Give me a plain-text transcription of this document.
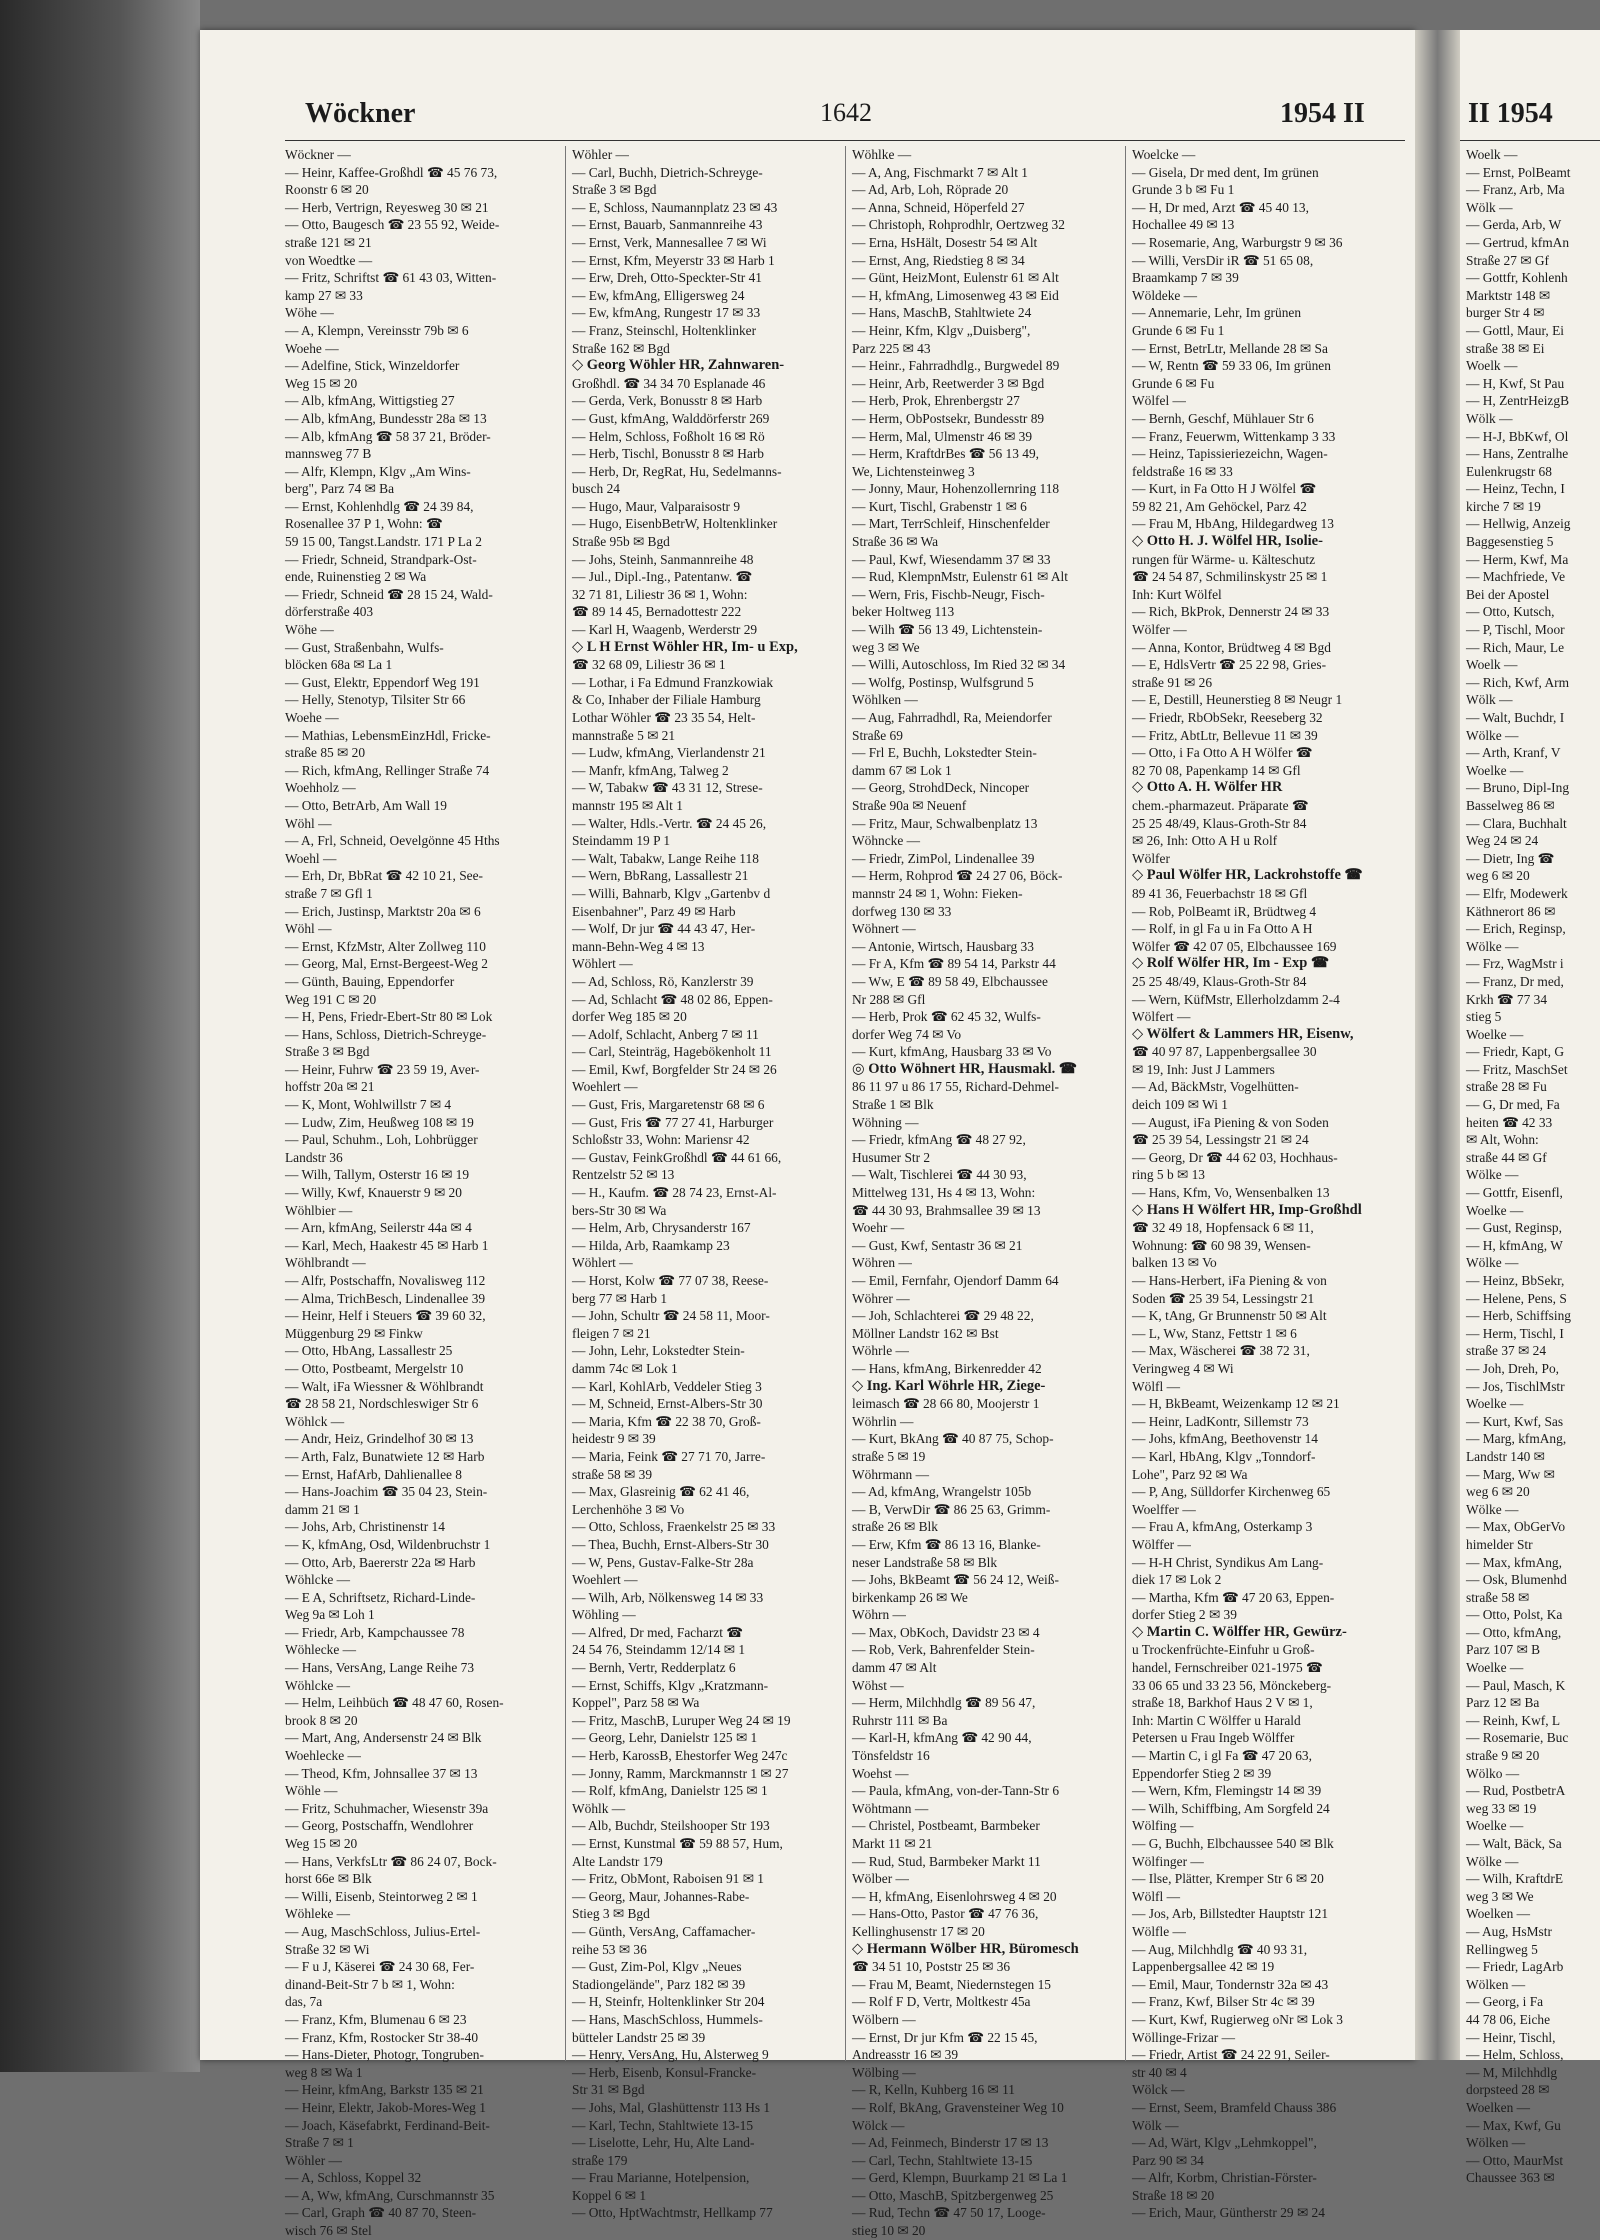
Wöckner	1642	1954 II
Wöckner —
— Heinr, Kaffee-Großhdl ☎ 45 76 73,
Roonstr 6 ✉ 20
— Herb, Vertrign, Reyesweg 30 ✉ 21
— Otto, Baugesch ☎ 23 55 92, Weide-
straße 121 ✉ 21
von Woedtke —
— Fritz, Schriftst ☎ 61 43 03, Witten-
kamp 27 ✉ 33
Wöhe —
— A, Klempn, Vereinsstr 79b ✉ 6
Woehe —
— Adelfine, Stick, Winzeldorfer
Weg 15 ✉ 20
— Alb, kfmAng, Wittigstieg 27
— Alb, kfmAng, Bundesstr 28a ✉ 13
— Alb, kfmAng ☎ 58 37 21, Bröder-
mannsweg 77 B
— Alfr, Klempn, Klgv „Am Wins-
berg", Parz 74 ✉ Ba
— Ernst, Kohlenhdlg ☎ 24 39 84,
Rosenallee 37 P 1, Wohn: ☎
59 15 00, Tangst.Landstr. 171 P La 2
— Friedr, Schneid, Strandpark-Ost-
ende, Ruinenstieg 2 ✉ Wa
— Friedr, Schneid ☎ 28 15 24, Wald-
dörferstraße 403
Wöhe —
— Gust, Straßenbahn, Wulfs-
blöcken 68a ✉ La 1
— Gust, Elektr, Eppendorf Weg 191
— Helly, Stenotyp, Tilsiter Str 66
Woehe —
— Mathias, LebensmEinzHdl, Fricke-
straße 85 ✉ 20
— Rich, kfmAng, Rellinger Straße 74
Woehholz —
— Otto, BetrArb, Am Wall 19
Wöhl —
— A, Frl, Schneid, Oevelgönne 45 Hths
Woehl —
— Erh, Dr, BbRat ☎ 42 10 21, See-
straße 7 ✉ Gfl 1
— Erich, Justinsp, Marktstr 20a ✉ 6
Wöhl —
— Ernst, KfzMstr, Alter Zollweg 110
— Georg, Mal, Ernst-Bergeest-Weg 2
— Günth, Bauing, Eppendorfer
Weg 191 C ✉ 20
— H, Pens, Friedr-Ebert-Str 80 ✉ Lok
— Hans, Schloss, Dietrich-Schreyge-
Straße 3 ✉ Bgd
— Heinr, Fuhrw ☎ 23 59 19, Aver-
hoffstr 20a ✉ 21
— K, Mont, Wohlwillstr 7 ✉ 4
— Ludw, Zim, Heußweg 108 ✉ 19
— Paul, Schuhm., Loh, Lohbrügger
Landstr 36
— Wilh, Tallym, Osterstr 16 ✉ 19
— Willy, Kwf, Knauerstr 9 ✉ 20
Wöhlbier —
— Arn, kfmAng, Seilerstr 44a ✉ 4
— Karl, Mech, Haakestr 45 ✉ Harb 1
Wöhlbrandt —
— Alfr, Postschaffn, Novalisweg 112
— Alma, TrichBesch, Lindenallee 39
— Heinr, Helf i Steuers ☎ 39 60 32,
Müggenburg 29 ✉ Finkw
— Otto, HbAng, Lassallestr 25
— Otto, Postbeamt, Mergelstr 10
— Walt, iFa Wiessner & Wöhlbrandt
☎ 28 58 21, Nordschleswiger Str 6
Wöhlck —
— Andr, Heiz, Grindelhof 30 ✉ 13
— Arth, Falz, Bunatwiete 12 ✉ Harb
— Ernst, HafArb, Dahlienallee 8
— Hans-Joachim ☎ 35 04 23, Stein-
damm 21 ✉ 1
— Johs, Arb, Christinenstr 14
— K, kfmAng, Osd, Wildenbruchstr 1
— Otto, Arb, Baererstr 22a ✉ Harb
Wöhlcke —
— E A, Schriftsetz, Richard-Linde-
Weg 9a ✉ Loh 1
— Friedr, Arb, Kampchaussee 78
Wöhlecke —
— Hans, VersAng, Lange Reihe 73
Wöhlcke —
— Helm, Leihbüch ☎ 48 47 60, Rosen-
brook 8 ✉ 20
— Mart, Ang, Andersenstr 24 ✉ Blk
Woehlecke —
— Theod, Kfm, Johnsallee 37 ✉ 13
Wöhle —
— Fritz, Schuhmacher, Wiesenstr 39a
— Georg, Postschaffn, Wendlohrer
Weg 15 ✉ 20
— Hans, VerkfsLtr ☎ 86 24 07, Bock-
horst 66e ✉ Blk
— Willi, Eisenb, Steintorweg 2 ✉ 1
Wöhleke —
— Aug, MaschSchloss, Julius-Ertel-
Straße 32 ✉ Wi
— F u J, Käserei ☎ 24 30 68, Fer-
dinand-Beit-Str 7 b ✉ 1, Wohn:
das, 7a
— Franz, Kfm, Blumenau 6 ✉ 23
— Franz, Kfm, Rostocker Str 38-40
— Hans-Dieter, Photogr, Tongruben-
weg 8 ✉ Wa 1
— Heinr, kfmAng, Barkstr 135 ✉ 21
— Heinr, Elektr, Jakob-Mores-Weg 1
— Joach, Käsefabrkt, Ferdinand-Beit-
Straße 7 ✉ 1
Wöhler —
— A, Schloss, Koppel 32
— A, Ww, kfmAng, Curschmannstr 35
— Carl, Graph ☎ 40 87 70, Steen-
wisch 76 ✉ Stel
Wöhler —
— Carl, Buchh, Dietrich-Schreyge-
Straße 3 ✉ Bgd
— E, Schloss, Naumannplatz 23 ✉ 43
— Ernst, Bauarb, Sanmannreihe 43
— Ernst, Verk, Mannesallee 7 ✉ Wi
— Ernst, Kfm, Meyerstr 33 ✉ Harb 1
— Erw, Dreh, Otto-Speckter-Str 41
— Ew, kfmAng, Elligersweg 24
— Ew, kfmAng, Rungestr 17 ✉ 33
— Franz, Steinschl, Holtenklinker
Straße 162 ✉ Bgd
◇ Georg Wöhler HR, Zahnwaren-
Großhdl. ☎ 34 34 70 Esplanade 46
— Gerda, Verk, Bonusstr 8 ✉ Harb
— Gust, kfmAng, Walddörferstr 269
— Helm, Schloss, Foßholt 16 ✉ Rö
— Herb, Tischl, Bonusstr 8 ✉ Harb
— Herb, Dr, RegRat, Hu, Sedelmanns-
busch 24
— Hugo, Maur, Valparaisostr 9
— Hugo, EisenbBetrW, Holtenklinker
Straße 95b ✉ Bgd
— Johs, Steinh, Sanmannreihe 48
— Jul., Dipl.-Ing., Patentanw. ☎
32 71 81, Liliestr 36 ✉ 1, Wohn:
☎ 89 14 45, Bernadottestr 222
— Karl H, Waagenb, Werderstr 29
◇ L H Ernst Wöhler HR, Im- u Exp,
☎ 32 68 09, Liliestr 36 ✉ 1
— Lothar, i Fa Edmund Franzkowiak
& Co, Inhaber der Filiale Hamburg
Lothar Wöhler ☎ 23 35 54, Helt-
mannstraße 5 ✉ 21
— Ludw, kfmAng, Vierlandenstr 21
— Manfr, kfmAng, Talweg 2
— W, Tabakw ☎ 43 31 12, Strese-
mannstr 195 ✉ Alt 1
— Walter, Hdls.-Vertr. ☎ 24 45 26,
Steindamm 19 P 1
— Walt, Tabakw, Lange Reihe 118
— Wern, BbRang, Lassallestr 21
— Willi, Bahnarb, Klgv „Gartenbv d
Eisenbahner", Parz 49 ✉ Harb
— Wolf, Dr jur ☎ 44 43 47, Her-
mann-Behn-Weg 4 ✉ 13
Wöhlert —
— Ad, Schloss, Rö, Kanzlerstr 39
— Ad, Schlacht ☎ 48 02 86, Eppen-
dorfer Weg 185 ✉ 20
— Adolf, Schlacht, Anberg 7 ✉ 11
— Carl, Steinträg, Hagebökenholt 11
— Emil, Kwf, Borgfelder Str 24 ✉ 26
Woehlert —
— Gust, Fris, Margaretenstr 68 ✉ 6
— Gust, Fris ☎ 77 27 41, Harburger
Schloßstr 33, Wohn: Mariensr 42
— Gustav, FeinkGroßhdl ☎ 44 61 66,
Rentzelstr 52 ✉ 13
— H., Kaufm. ☎ 28 74 23, Ernst-Al-
bers-Str 30 ✉ Wa
— Helm, Arb, Chrysanderstr 167
— Hilda, Arb, Raamkamp 23
Wöhlert —
— Horst, Kolw ☎ 77 07 38, Reese-
berg 77 ✉ Harb 1
— John, Schultr ☎ 24 58 11, Moor-
fleigen 7 ✉ 21
— John, Lehr, Lokstedter Stein-
damm 74c ✉ Lok 1
— Karl, KohlArb, Veddeler Stieg 3
— M, Schneid, Ernst-Albers-Str 30
— Maria, Kfm ☎ 22 38 70, Groß-
heidestr 9 ✉ 39
— Maria, Feink ☎ 27 71 70, Jarre-
straße 58 ✉ 39
— Max, Glasreinig ☎ 62 41 46,
Lerchenhöhe 3 ✉ Vo
— Otto, Schloss, Fraenkelstr 25 ✉ 33
— Thea, Buchh, Ernst-Albers-Str 30
— W, Pens, Gustav-Falke-Str 28a
Woehlert —
— Wilh, Arb, Nölkensweg 14 ✉ 33
Wöhling —
— Alfred, Dr med, Facharzt ☎
24 54 76, Steindamm 12/14 ✉ 1
— Bernh, Vertr, Redderplatz 6
— Ernst, Schiffs, Klgv „Kratzmann-
Koppel", Parz 58 ✉ Wa
— Fritz, MaschB, Luruper Weg 24 ✉ 19
— Georg, Lehr, Danielstr 125 ✉ 1
— Herb, KarossB, Ehestorfer Weg 247c
— Jonny, Ramm, Marckmannstr 1 ✉ 27
— Rolf, kfmAng, Danielstr 125 ✉ 1
Wöhlk —
— Alb, Buchdr, Steilshooper Str 193
— Ernst, Kunstmal ☎ 59 88 57, Hum,
Alte Landstr 179
— Fritz, ObMont, Raboisen 91 ✉ 1
— Georg, Maur, Johannes-Rabe-
Stieg 3 ✉ Bgd
— Günth, VersAng, Caffamacher-
reihe 53 ✉ 36
— Gust, Zim-Pol, Klgv „Neues
Stadiongelände", Parz 182 ✉ 39
— H, Steinfr, Holtenklinker Str 204
— Hans, MaschSchloss, Hummels-
bütteler Landstr 25 ✉ 39
— Henry, VersAng, Hu, Alsterweg 9
— Herb, Eisenb, Konsul-Francke-
Str 31 ✉ Bgd
— Johs, Mal, Glashüttenstr 113 Hs 1
— Karl, Techn, Stahltwiete 13-15
— Liselotte, Lehr, Hu, Alte Land-
straße 179
— Frau Marianne, Hotelpension,
Koppel 6 ✉ 1
— Otto, HptWachtmstr, Hellkamp 77
Wöhlke —
— A, Ang, Fischmarkt 7 ✉ Alt 1
— Ad, Arb, Loh, Röprade 20
— Anna, Schneid, Höperfeld 27
— Christoph, Rohprodhlr, Oertzweg 32
— Erna, HsHält, Dosestr 54 ✉ Alt
— Ernst, Ang, Riedstieg 8 ✉ 34
— Günt, HeizMont, Eulenstr 61 ✉ Alt
— H, kfmAng, Limosenweg 43 ✉ Eid
— Hans, MaschB, Stahltwiete 24
— Heinr, Kfm, Klgv „Duisberg",
Parz 225 ✉ 43
— Heinr., Fahrradhdlg., Burgwedel 89
— Heinr, Arb, Reetwerder 3 ✉ Bgd
— Herb, Prok, Ehrenbergstr 27
— Herm, ObPostsekr, Bundesstr 89
— Herm, Mal, Ulmenstr 46 ✉ 39
— Herm, KraftdrBes ☎ 56 13 49,
We, Lichtensteinweg 3
— Jonny, Maur, Hohenzollernring 118
— Kurt, Tischl, Grabenstr 1 ✉ 6
— Mart, TerrSchleif, Hinschenfelder
Straße 36 ✉ Wa
— Paul, Kwf, Wiesendamm 37 ✉ 33
— Rud, KlempnMstr, Eulenstr 61 ✉ Alt
— Wern, Fris, Fischb-Neugr, Fisch-
beker Holtweg 113
— Wilh ☎ 56 13 49, Lichtenstein-
weg 3 ✉ We
— Willi, Autoschloss, Im Ried 32 ✉ 34
— Wolfg, Postinsp, Wulfsgrund 5
Wöhlken —
— Aug, Fahrradhdl, Ra, Meiendorfer
Straße 69
— Frl E, Buchh, Lokstedter Stein-
damm 67 ✉ Lok 1
— Georg, StrohdDeck, Nincoper
Straße 90a ✉ Neuenf
— Fritz, Maur, Schwalbenplatz 13
Wöhncke —
— Friedr, ZimPol, Lindenallee 39
— Herm, Rohprod ☎ 24 27 06, Böck-
mannstr 24 ✉ 1, Wohn: Fieken-
dorfweg 130 ✉ 33
Wöhnert —
— Antonie, Wirtsch, Hausbarg 33
— Fr A, Kfm ☎ 89 54 14, Parkstr 44
— Ww, E ☎ 89 58 49, Elbchaussee
Nr 288 ✉ Gfl
— Herb, Prok ☎ 62 45 32, Wulfs-
dorfer Weg 74 ✉ Vo
— Kurt, kfmAng, Hausbarg 33 ✉ Vo
◎ Otto Wöhnert HR, Hausmakl. ☎
86 11 97 u 86 17 55, Richard-Dehmel-
Straße 1 ✉ Blk
Wöhning —
— Friedr, kfmAng ☎ 48 27 92,
Husumer Str 2
— Walt, Tischlerei ☎ 44 30 93,
Mittelweg 131, Hs 4 ✉ 13, Wohn:
☎ 44 30 93, Brahmsallee 39 ✉ 13
Woehr —
— Gust, Kwf, Sentastr 36 ✉ 21
Wöhren —
— Emil, Fernfahr, Ojendorf Damm 64
Wöhrer —
— Joh, Schlachterei ☎ 29 48 22,
Möllner Landstr 162 ✉ Bst
Wöhrle —
— Hans, kfmAng, Birkenredder 42
◇ Ing. Karl Wöhrle HR, Ziege-
leimasch ☎ 28 66 80, Moojerstr 1
Wöhrlin —
— Kurt, BkAng ☎ 40 87 75, Schop-
straße 5 ✉ 19
Wöhrmann —
— Ad, kfmAng, Wrangelstr 105b
— B, VerwDir ☎ 86 25 63, Grimm-
straße 26 ✉ Blk
— Erw, Kfm ☎ 86 13 16, Blanke-
neser Landstraße 58 ✉ Blk
— Johs, BkBeamt ☎ 56 24 12, Weiß-
birkenkamp 26 ✉ We
Wöhrn —
— Max, ObKoch, Davidstr 23 ✉ 4
— Rob, Verk, Bahrenfelder Stein-
damm 47 ✉ Alt
Wöhst —
— Herm, Milchhdlg ☎ 89 56 47,
Ruhrstr 111 ✉ Ba
— Karl-H, kfmAng ☎ 42 90 44,
Tönsfeldstr 16
Woehst —
— Paula, kfmAng, von-der-Tann-Str 6
Wöhtmann —
— Christel, Postbeamt, Barmbeker
Markt 11 ✉ 21
— Rud, Stud, Barmbeker Markt 11
Wölber —
— H, kfmAng, Eisenlohrsweg 4 ✉ 20
— Hans-Otto, Pastor ☎ 47 76 36,
Kellinghusenstr 17 ✉ 20
◇ Hermann Wölber HR, Büromesch
☎ 34 51 10, Poststr 25 ✉ 36
— Frau M, Beamt, Niedernstegen 15
— Rolf F D, Vertr, Moltkestr 45a
Wölbern —
— Ernst, Dr jur Kfm ☎ 22 15 45,
Andreasstr 16 ✉ 39
Wölbing —
— R, Kelln, Kuhberg 16 ✉ 11
— Rolf, BkAng, Gravensteiner Weg 10
Wölck —
— Ad, Feinmech, Binderstr 17 ✉ 13
— Carl, Techn, Stahltwiete 13-15
— Gerd, Klempn, Buurkamp 21 ✉ La 1
— Otto, MaschB, Spitzbergenweg 25
— Rud, Techn ☎ 47 50 17, Looge-
stieg 10 ✉ 20
Woelcke —
— Gisela, Dr med dent, Im grünen
Grunde 3 b ✉ Fu 1
— H, Dr med, Arzt ☎ 45 40 13,
Hochallee 49 ✉ 13
— Rosemarie, Ang, Warburgstr 9 ✉ 36
— Willi, VersDir iR ☎ 51 65 08,
Braamkamp 7 ✉ 39
Wöldeke —
— Annemarie, Lehr, Im grünen
Grunde 6 ✉ Fu 1
— Ernst, BetrLtr, Mellande 28 ✉ Sa
— W, Rentn ☎ 59 33 06, Im grünen
Grunde 6 ✉ Fu
Wölfel —
— Bernh, Geschf, Mühlauer Str 6
— Franz, Feuerwm, Wittenkamp 3 33
— Heinz, Tapissieriezeichn, Wagen-
feldstraße 16 ✉ 33
— Kurt, in Fa Otto H J Wölfel ☎
59 82 21, Am Gehöckel, Parz 42
— Frau M, HbAng, Hildegardweg 13
◇ Otto H. J. Wölfel HR, Isolie-
rungen für Wärme- u. Kälteschutz
☎ 24 54 87, Schmilinskystr 25 ✉ 1
Inh: Kurt Wölfel
— Rich, BkProk, Dennerstr 24 ✉ 33
Wölfer —
— Anna, Kontor, Brüdtweg 4 ✉ Bgd
— E, HdlsVertr ☎ 25 22 98, Gries-
straße 91 ✉ 26
— E, Destill, Heunerstieg 8 ✉ Neugr 1
— Friedr, RbObSekr, Reeseberg 32
— Fritz, AbtLtr, Bellevue 11 ✉ 39
— Otto, i Fa Otto A H Wölfer ☎
82 70 08, Papenkamp 14 ✉ Gfl
◇ Otto A. H. Wölfer HR
chem.-pharmazeut. Präparate ☎
25 25 48/49, Klaus-Groth-Str 84
✉ 26, Inh: Otto A H u Rolf
Wölfer
◇ Paul Wölfer HR, Lackrohstoffe ☎
89 41 36, Feuerbachstr 18 ✉ Gfl
— Rob, PolBeamt iR, Brüdtweg 4
— Rolf, in gl Fa u in Fa Otto A H
Wölfer ☎ 42 07 05, Elbchaussee 169
◇ Rolf Wölfer HR, Im - Exp ☎
25 25 48/49, Klaus-Groth-Str 84
— Wern, KüfMstr, Ellerholzdamm 2-4
Wölfert —
◇ Wölfert & Lammers HR, Eisenw,
☎ 40 97 87, Lappenbergsallee 30
✉ 19, Inh: Just J Lammers
— Ad, BäckMstr, Vogelhütten-
deich 109 ✉ Wi 1
— August, iFa Piening & von Soden
☎ 25 39 54, Lessingstr 21 ✉ 24
— Georg, Dr ☎ 44 62 03, Hochhaus-
ring 5 b ✉ 13
— Hans, Kfm, Vo, Wensenbalken 13
◇ Hans H Wölfert HR, Imp-Großhdl
☎ 32 49 18, Hopfensack 6 ✉ 11,
Wohnung: ☎ 60 98 39, Wensen-
balken 13 ✉ Vo
— Hans-Herbert, iFa Piening & von
Soden ☎ 25 39 54, Lessingstr 21
— K, tAng, Gr Brunnenstr 50 ✉ Alt
— L, Ww, Stanz, Fettstr 1 ✉ 6
— Max, Wäscherei ☎ 38 72 31,
Veringweg 4 ✉ Wi
Wölfl —
— H, BkBeamt, Weizenkamp 12 ✉ 21
— Heinr, LadKontr, Sillemstr 73
— Johs, kfmAng, Beethovenstr 14
— Karl, HbAng, Klgv „Tonndorf-
Lohe", Parz 92 ✉ Wa
— P, Ang, Sülldorfer Kirchenweg 65
Woelffer —
— Frau A, kfmAng, Osterkamp 3
Wölffer —
— H-H Christ, Syndikus Am Lang-
diek 17 ✉ Lok 2
— Martha, Kfm ☎ 47 20 63, Eppen-
dorfer Stieg 2 ✉ 39
◇ Martin C. Wölffer HR, Gewürz-
u Trockenfrüchte-Einfuhr u Groß-
handel, Fernschreiber 021-1975 ☎
33 06 65 und 33 23 56, Mönckeberg-
straße 18, Barkhof Haus 2 V ✉ 1,
Inh: Martin C Wölffer u Harald
Petersen u Frau Ingeb Wölffer
— Martin C, i gl Fa ☎ 47 20 63,
Eppendorfer Stieg 2 ✉ 39
— Wern, Kfm, Flemingstr 14 ✉ 39
— Wilh, Schiffbing, Am Sorgfeld 24
Wölfing —
— G, Buchh, Elbchaussee 540 ✉ Blk
Wölfinger —
— Ilse, Plätter, Kremper Str 6 ✉ 20
Wölfl —
— Jos, Arb, Billstedter Hauptstr 121
Wölfle —
— Aug, Milchhdlg ☎ 40 93 31,
Lappenbergsallee 42 ✉ 19
— Emil, Maur, Tondernstr 32a ✉ 43
— Franz, Kwf, Bilser Str 4c ✉ 39
— Kurt, Kwf, Rugierweg oNr ✉ Lok 3
Wöllinge-Frizar —
— Friedr, Artist ☎ 24 22 91, Seiler-
str 40 ✉ 4
Wölck —
— Ernst, Seem, Bramfeld Chauss 386
Wölk —
— Ad, Wärt, Klgv „Lehmkoppel",
Parz 90 ✉ 34
— Alfr, Korbm, Christian-Förster-
Straße 18 ✉ 20
— Erich, Maur, Güntherstr 29 ✉ 24
II 1954
Woelk —
— Ernst, PolBeamt
— Franz, Arb, Ma
Wölk —
— Gerda, Arb, W
— Gertrud, kfmAn
Straße 27 ✉ Gf
— Gottfr, Kohlenh
Marktstr 148 ✉
burger Str 4 ✉
— Gottl, Maur, Ei
straße 38 ✉ Ei
Woelk —
— H, Kwf, St Pau
— H, ZentrHeizgB
Wölk —
— H-J, BbKwf, Ol
— Hans, Zentralhe
Eulenkrugstr 68
— Heinz, Techn, I
kirche 7 ✉ 19
— Hellwig, Anzeig
Baggesenstieg 5
— Herm, Kwf, Ma
— Machfriede, Ve
Bei der Apostel
— Otto, Kutsch,
— P, Tischl, Moor
— Rich, Maur, Le
Woelk —
— Rich, Kwf, Arm
Wölk —
— Walt, Buchdr, I
Wölke —
— Arth, Kranf, V
Woelke —
— Bruno, Dipl-Ing
Basselweg 86 ✉
— Clara, Buchhalt
Weg 24 ✉ 24
— Dietr, Ing ☎
weg 6 ✉ 20
— Elfr, Modewerk
Käthnerort 86 ✉
— Erich, Reginsp,
Wölke —
— Frz, WagMstr i
— Franz, Dr med,
Krkh ☎ 77 34
stieg 5
Woelke —
— Friedr, Kapt, G
— Fritz, MaschSet
straße 28 ✉ Fu
— G, Dr med, Fa
heiten ☎ 42 33
✉ Alt, Wohn:
straße 44 ✉ Gf
Wölke —
— Gottfr, Eisenfl,
Woelke —
— Gust, Reginsp,
— H, kfmAng, W
Wölke —
— Heinz, BbSekr,
— Helene, Pens, S
— Herb, Schiffsing
— Herm, Tischl, I
straße 37 ✉ 24
— Joh, Dreh, Po,
— Jos, TischlMstr
Woelke —
— Kurt, Kwf, Sas
— Marg, kfmAng,
Landstr 140 ✉
— Marg, Ww ✉
weg 6 ✉ 20
Wölke —
— Max, ObGerVo
himelder Str
— Max, kfmAng,
— Osk, Blumenhd
straße 58 ✉
— Otto, Polst, Ka
— Otto, kfmAng,
Parz 107 ✉ B
Woelke —
— Paul, Masch, K
Parz 12 ✉ Ba
— Reinh, Kwf, L
— Rosemarie, Buc
straße 9 ✉ 20
Wölko —
— Rud, PostbetrA
weg 33 ✉ 19
Woelke —
— Walt, Bäck, Sa
Wölke —
— Wilh, KraftdrE
weg 3 ✉ We
Woelken —
— Aug, HsMstr
Rellingweg 5
— Friedr, LagArb
Wölken —
— Georg, i Fa
44 78 06, Eiche
— Heinr, Tischl,
— Helm, Schloss,
— M, Milchhdlg
dorpsteed 28 ✉
Woelken —
— Max, Kwf, Gu
Wölken —
— Otto, MaurMst
Chaussee 363 ✉
